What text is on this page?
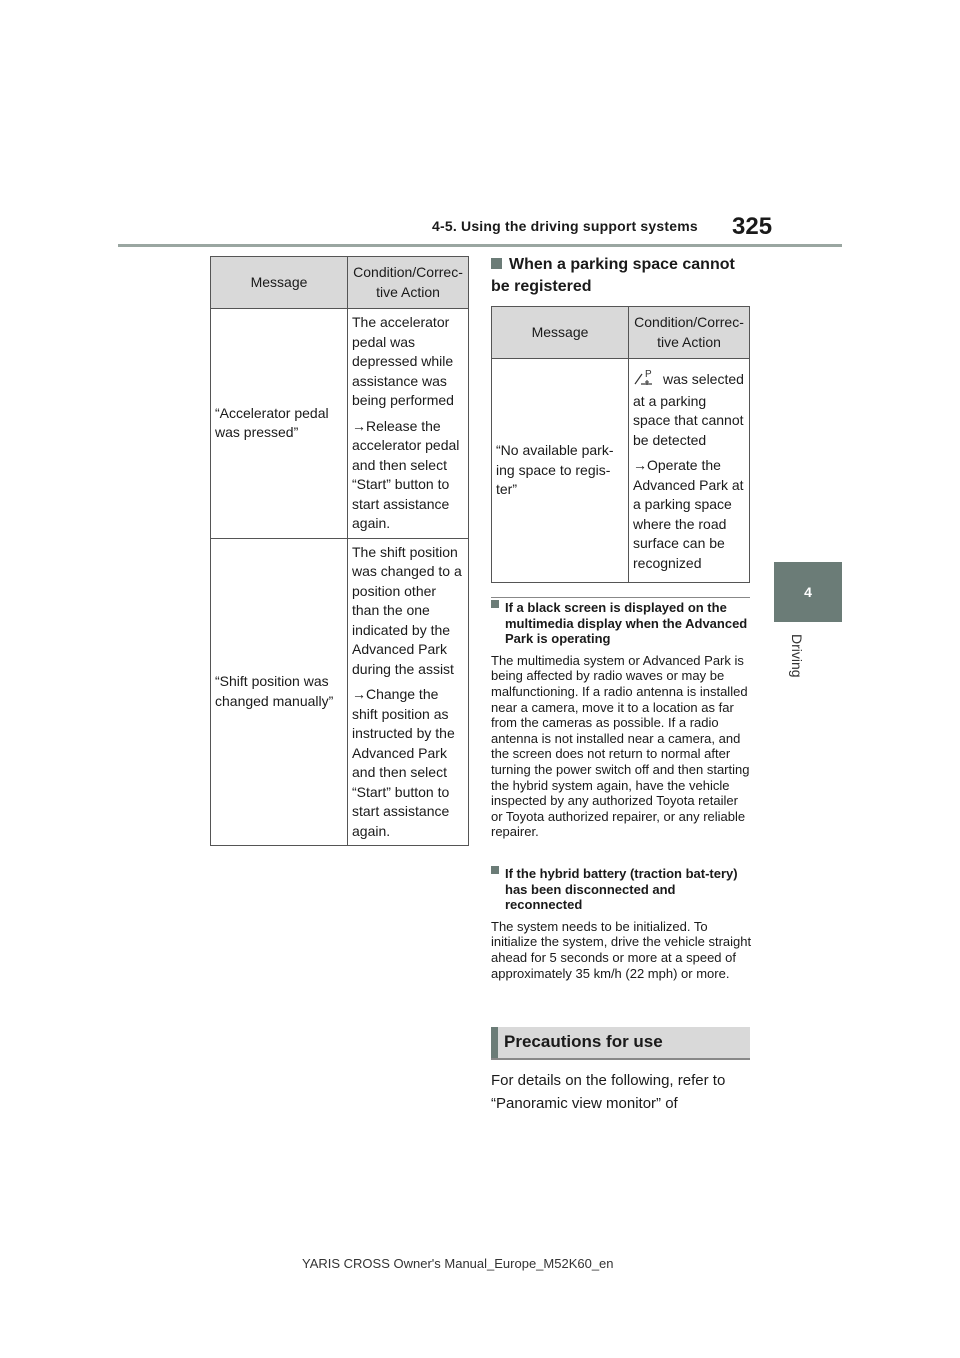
4-5. Using the driving support systems 325
4
Driving
Message	Condition/Correc-tive Action
“Accelerator pedal was pressed”	The accelerator pedal was depressed while assistance was being performed

→Release the accelerator pedal and then select “Start” button to start assistance again.

“Shift position was changed manually”	The shift position was changed to a position other than the one indicated by the Advanced Park during the assist

→Change the shift position as instructed by the Advanced Park and then select “Start” button to start assistance again.

When a parking space cannot be registered
Message	Condition/Correc-tive Action
“No available park-ing space to regis-ter”	P was selected at a parking space that cannot be detected

→Operate the Advanced Park at a parking space where the road surface can be recognized

If a black screen is displayed on the multimedia display when the Advanced Park is operating
The multimedia system or Advanced Park is being affected by radio waves or may be malfunctioning. If a radio antenna is installed near a camera, move it to a location as far from the cameras as possible. If a radio antenna is not installed near a camera, and the screen does not return to normal after turning the power switch off and then starting the hybrid system again, have the vehicle inspected by any authorized Toyota retailer or Toyota authorized repairer, or any reliable repairer.
If the hybrid battery (traction bat-tery) has been disconnected and reconnected
The system needs to be initialized. To initialize the system, drive the vehicle straight ahead for 5 seconds or more at a speed of approximately 35 km/h (22 mph) or more.
Precautions for use
For details on the following, refer to “Panoramic view monitor” of
YARIS CROSS Owner's Manual_Europe_M52K60_en
